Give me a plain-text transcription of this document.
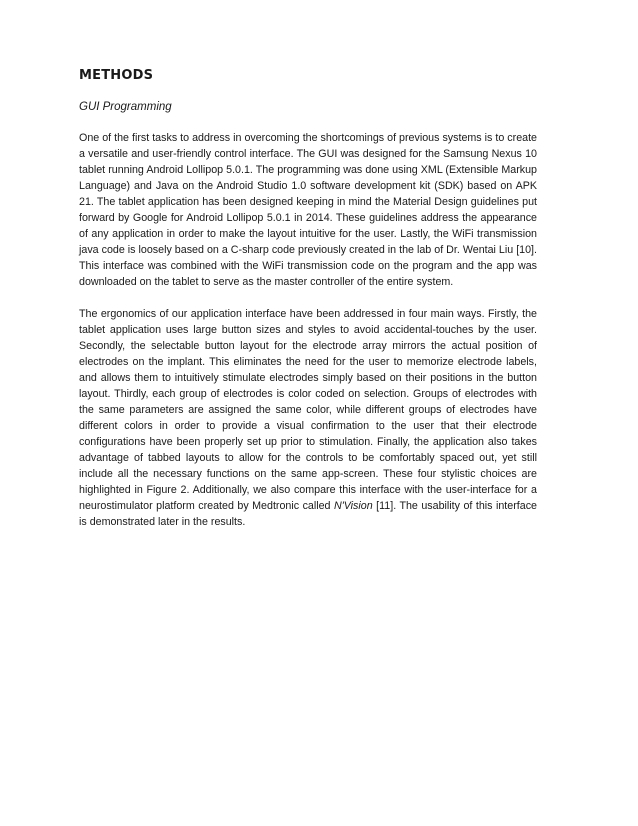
METHODS
GUI Programming

One of the first tasks to address in overcoming the shortcomings of previous systems is to create a versatile and user-friendly control interface. The GUI was designed for the Samsung Nexus 10 tablet running Android Lollipop 5.0.1. The programming was done using XML (Extensible Markup Language) and Java on the Android Studio 1.0 software development kit (SDK) based on APK 21. The tablet application has been designed keeping in mind the Material Design guidelines put forward by Google for Android Lollipop 5.0.1 in 2014. These guidelines address the appearance of any application in order to make the layout intuitive for the user. Lastly, the WiFi transmission java code is loosely based on a C-sharp code previously created in the lab of Dr. Wentai Liu [10]. This interface was combined with the WiFi transmission code on the program and the app was downloaded on the tablet to serve as the master controller of the entire system.

The ergonomics of our application interface have been addressed in four main ways. Firstly, the tablet application uses large button sizes and styles to avoid accidental-touches by the user. Secondly, the selectable button layout for the electrode array mirrors the actual position of electrodes on the implant. This eliminates the need for the user to memorize electrode labels, and allows them to intuitively stimulate electrodes simply based on their positions in the button layout. Thirdly, each group of electrodes is color coded on selection. Groups of electrodes with the same parameters are assigned the same color, while different groups of electrodes have different colors in order to provide a visual confirmation to the user that their electrode configurations have been properly set up prior to stimulation. Finally, the application also takes advantage of tabbed layouts to allow for the controls to be comfortably spaced out, yet still include all the necessary functions on the same app-screen. These four stylistic choices are highlighted in Figure 2. Additionally, we also compare this interface with the user-interface for a neurostimulator platform created by Medtronic called N'Vision [11]. The usability of this interface is demonstrated later in the results.
